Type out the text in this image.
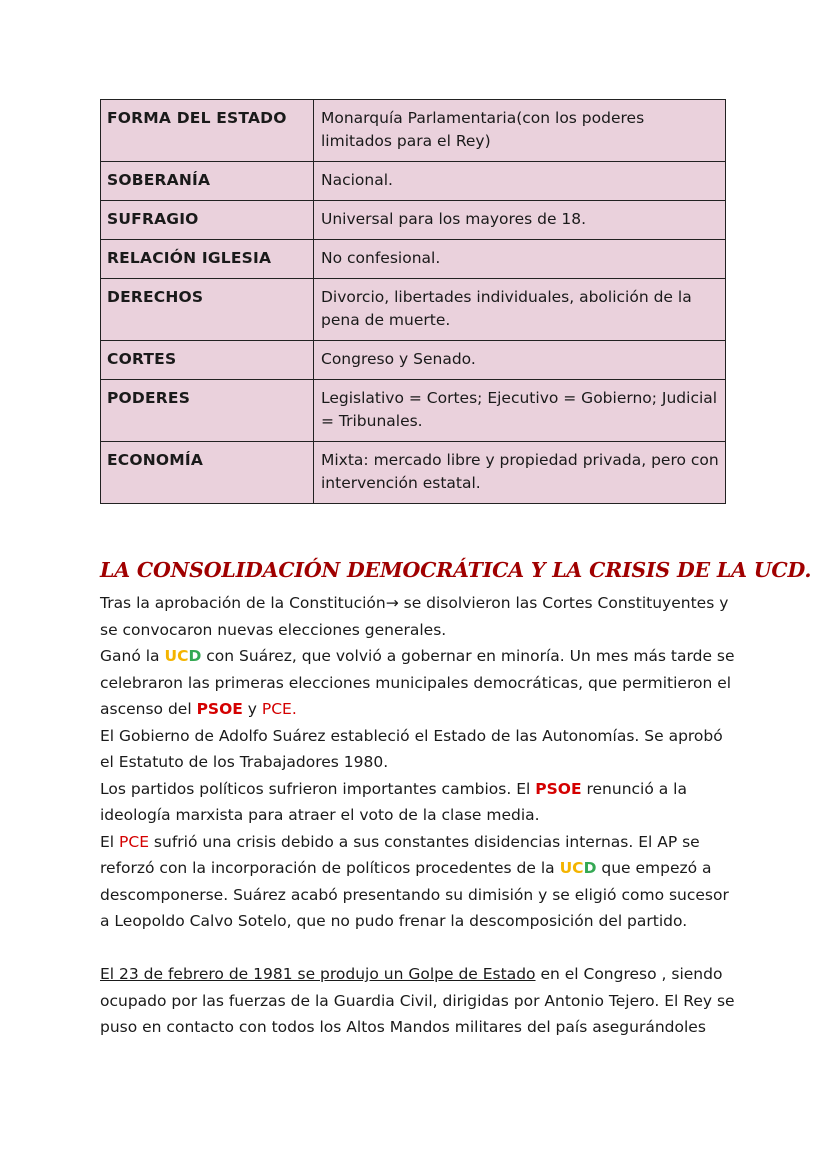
FORMA DEL ESTADO	Monarquía Parlamentaria(con los poderes limitados para el Rey)
SOBERANÍA	Nacional.
SUFRAGIO	Universal para los mayores de 18.
RELACIÓN IGLESIA	No confesional.
DERECHOS	Divorcio, libertades individuales, abolición de la pena de muerte.
CORTES	Congreso y Senado.
PODERES	Legislativo = Cortes; Ejecutivo = Gobierno; Judicial = Tribunales.
ECONOMÍA	Mixta: mercado libre y propiedad privada, pero con intervención estatal.
LA CONSOLIDACIÓN DEMOCRÁTICA Y LA CRISIS DE LA UCD.

Tras la aprobación de la Constitución→ se disolvieron las Cortes Constituyentes y se convocaron nuevas elecciones generales.

Ganó la UCD con Suárez, que volvió a gobernar en minoría. Un mes más tarde se celebraron las primeras elecciones municipales democráticas, que permitieron el ascenso del PSOE y PCE.

El Gobierno de Adolfo Suárez estableció el Estado de las Autonomías. Se aprobó el Estatuto de los Trabajadores 1980.

Los partidos políticos sufrieron importantes cambios. El PSOE renunció a la ideología marxista para atraer el voto de la clase media.

El PCE sufrió una crisis debido a sus constantes disidencias internas. El AP se reforzó con la incorporación de políticos procedentes de la UCD que empezó a descomponerse. Suárez acabó presentando su dimisión y se eligió como sucesor a Leopoldo Calvo Sotelo, que no pudo frenar la descomposición del partido.

El 23 de febrero de 1981 se produjo un Golpe de Estado en el Congreso , siendo ocupado por las fuerzas de la Guardia Civil, dirigidas por Antonio Tejero. El Rey se puso en contacto con todos los Altos Mandos militares del país asegurándoles
